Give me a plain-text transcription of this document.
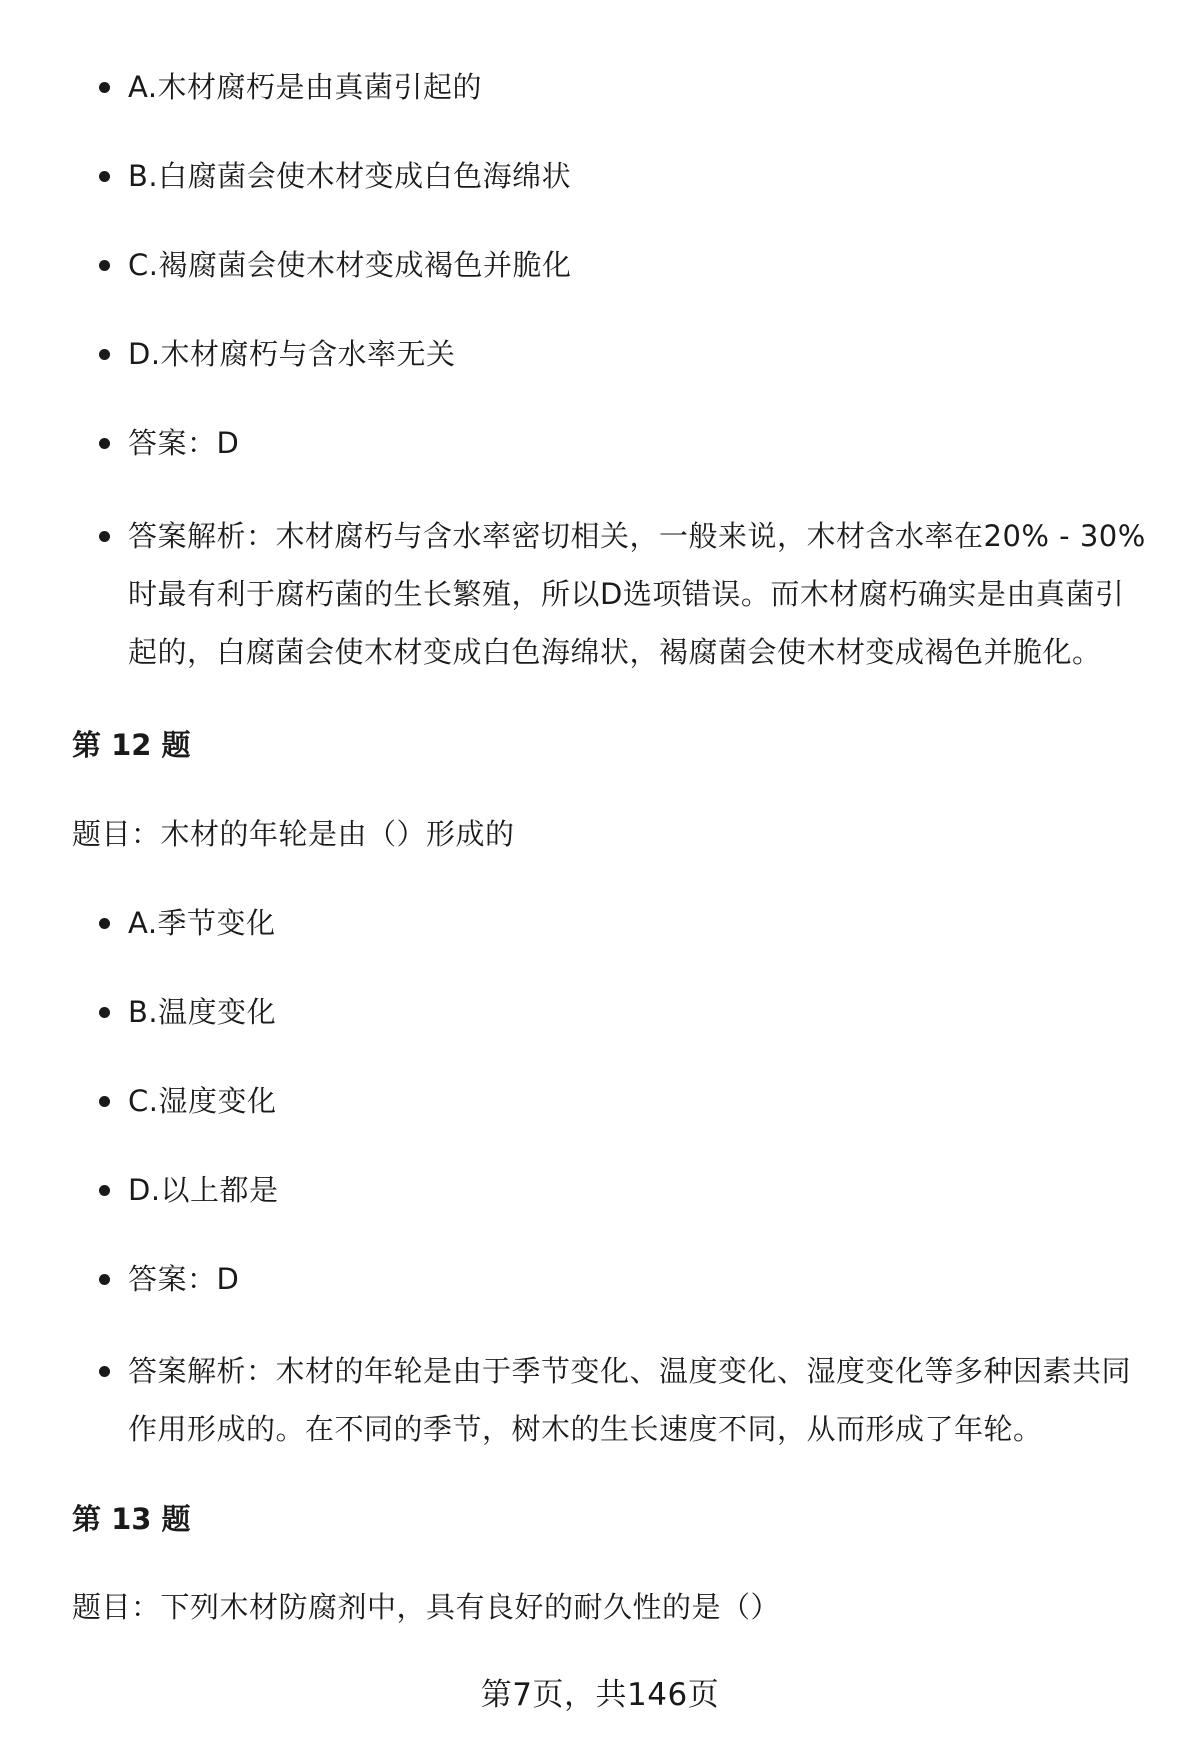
A.木材腐朽是由真菌引起的
B.白腐菌会使木材变成白色海绵状
C.褐腐菌会使木材变成褐色并脆化
D.木材腐朽与含水率无关
答案：D
答案解析：木材腐朽与含水率密切相关，一般来说，木材含水率在20% - 30%
时最有利于腐朽菌的生长繁殖，所以D选项错误。而木材腐朽确实是由真菌引
起的，白腐菌会使木材变成白色海绵状，褐腐菌会使木材变成褐色并脆化。
第 12 题
题目：木材的年轮是由（）形成的
A.季节变化
B.温度变化
C.湿度变化
D.以上都是
答案：D
答案解析：木材的年轮是由于季节变化、温度变化、湿度变化等多种因素共同
作用形成的。在不同的季节，树木的生长速度不同，从而形成了年轮。
第 13 题
题目：下列木材防腐剂中，具有良好的耐久性的是（）
第7页，共146页
